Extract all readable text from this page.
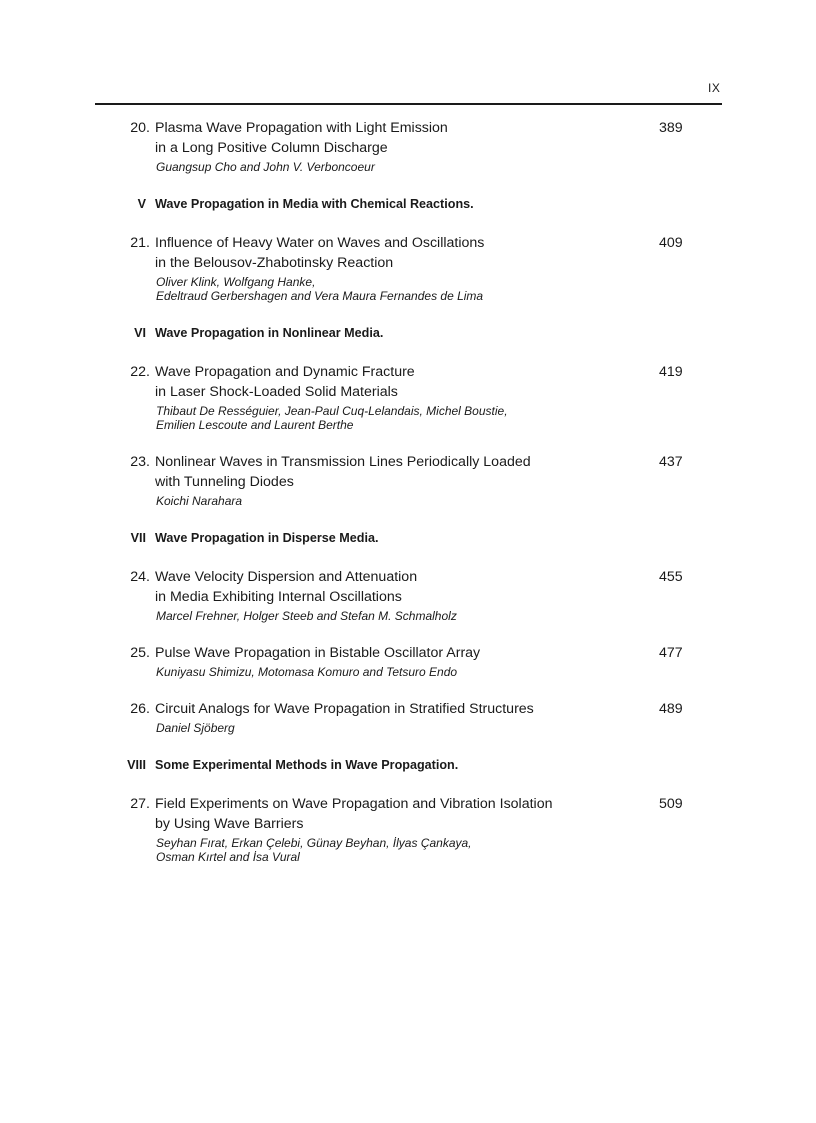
IX
20. Plasma Wave Propagation with Light Emission	389
in a Long Positive Column Discharge
Guangsup Cho and John V. Verboncoeur
V Wave Propagation in Media with Chemical Reactions.
21. Influence of Heavy Water on Waves and Oscillations	409
in the Belousov-Zhabotinsky Reaction
Oliver Klink, Wolfgang Hanke,
Edeltraud Gerbershagen and Vera Maura Fernandes de Lima
VI Wave Propagation in Nonlinear Media.
22. Wave Propagation and Dynamic Fracture	419
in Laser Shock-Loaded Solid Materials
Thibaut De Rességuier, Jean-Paul Cuq-Lelandais, Michel Boustie,
Emilien Lescoute and Laurent Berthe
23. Nonlinear Waves in Transmission Lines Periodically Loaded	437
with Tunneling Diodes
Koichi Narahara
VII Wave Propagation in Disperse Media.
24. Wave Velocity Dispersion and Attenuation	455
in Media Exhibiting Internal Oscillations
Marcel Frehner, Holger Steeb and Stefan M. Schmalholz
25. Pulse Wave Propagation in Bistable Oscillator Array	477
Kuniyasu Shimizu, Motomasa Komuro and Tetsuro Endo
26. Circuit Analogs for Wave Propagation in Stratified Structures	489
Daniel Sjöberg
VIII Some Experimental Methods in Wave Propagation.
27. Field Experiments on Wave Propagation and Vibration Isolation	509
by Using Wave Barriers
Seyhan Fırat, Erkan Çelebi, Günay Beyhan, İlyas Çankaya,
Osman Kırtel and İsa Vural
